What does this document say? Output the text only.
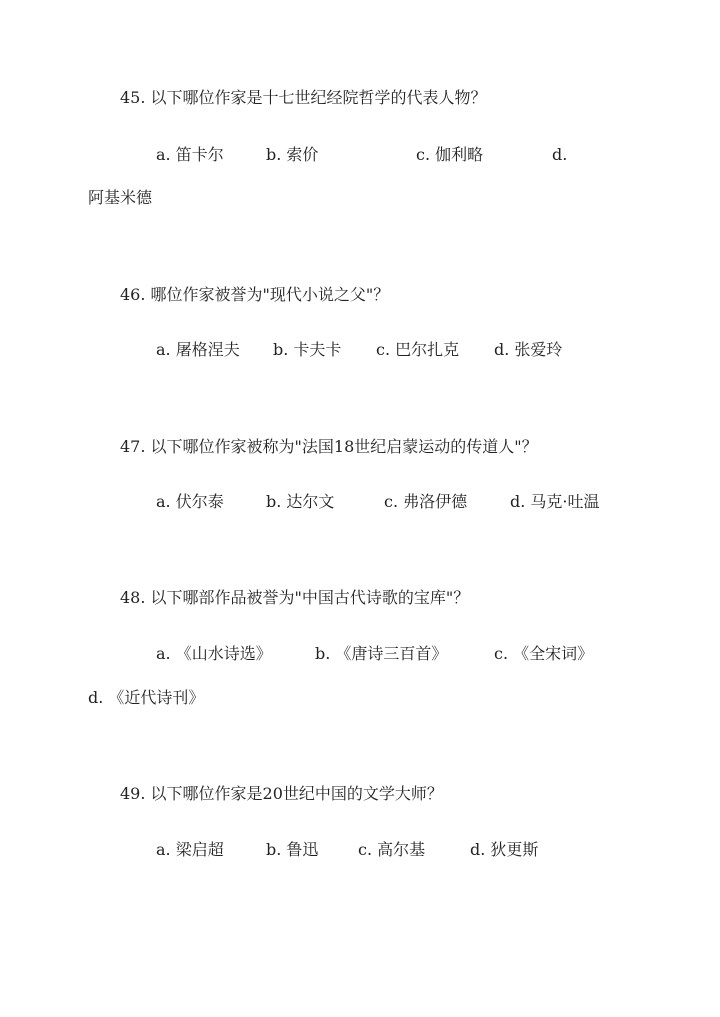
45. 以下哪位作家是十七世纪经院哲学的代表人物？
a. 笛卡尔	b. 索价	c. 伽利略	d.
阿基米德
46. 哪位作家被誉为"现代小说之父"？
a. 屠格涅夫 b. 卡夫卡 c. 巴尔扎克 d. 张爱玲
47. 以下哪位作家被称为"法国18世纪启蒙运动的传道人"？
a. 伏尔泰	b. 达尔文	c. 弗洛伊德	d. 马克·吐温
48. 以下哪部作品被誉为"中国古代诗歌的宝库"？
a. 《山水诗选》	b. 《唐诗三百首》	c. 《全宋词》
d. 《近代诗刊》
49. 以下哪位作家是20世纪中国的文学大师？
a. 梁启超	b. 鲁迅 c. 高尔基	d. 狄更斯
